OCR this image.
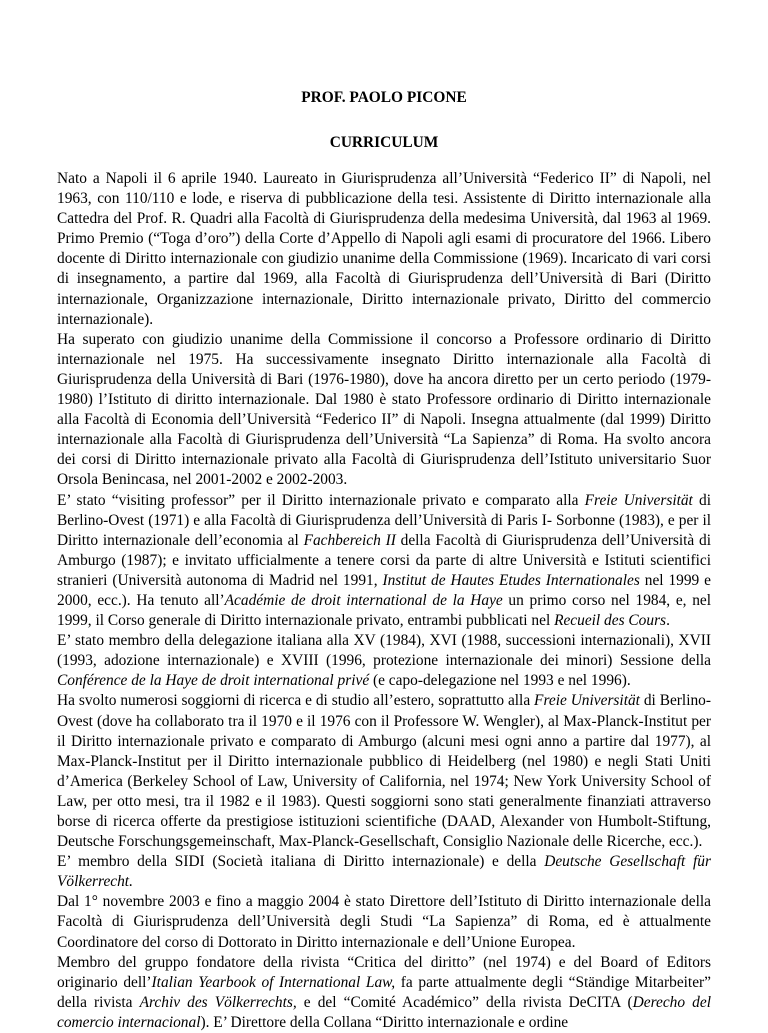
PROF. PAOLO PICONE
CURRICULUM

Nato a Napoli il 6 aprile 1940. Laureato in Giurisprudenza all’Università “Federico II” di Napoli, nel 1963, con 110/110 e lode, e riserva di pubblicazione della tesi. Assistente di Diritto internazionale alla Cattedra del Prof. R. Quadri alla Facoltà di Giurisprudenza della medesima Università, dal 1963 al 1969. Primo Premio (“Toga d’oro”) della Corte d’Appello di Napoli agli esami di procuratore del 1966. Libero docente di Diritto internazionale con giudizio unanime della Commissione (1969). Incaricato di vari corsi di insegnamento, a partire dal 1969, alla Facoltà di Giurisprudenza dell’Università di Bari (Diritto internazionale, Organizzazione internazionale, Diritto internazionale privato, Diritto del commercio internazionale).

Ha superato con giudizio unanime della Commissione il concorso a Professore ordinario di Diritto internazionale nel 1975. Ha successivamente insegnato Diritto internazionale alla Facoltà di Giurisprudenza della Università di Bari (1976-1980), dove ha ancora diretto per un certo periodo (1979-1980) l’Istituto di diritto internazionale. Dal 1980 è stato Professore ordinario di Diritto internazionale alla Facoltà di Economia dell’Università “Federico II” di Napoli. Insegna attualmente (dal 1999) Diritto internazionale alla Facoltà di Giurisprudenza dell’Università “La Sapienza” di Roma. Ha svolto ancora dei corsi di Diritto internazionale privato alla Facoltà di Giurisprudenza dell’Istituto universitario Suor Orsola Benincasa, nel 2001-2002 e 2002-2003.

E’ stato “visiting professor” per il Diritto internazionale privato e comparato alla Freie Universität di Berlino-Ovest (1971) e alla Facoltà di Giurisprudenza dell’Università di Paris I- Sorbonne (1983), e per il Diritto internazionale dell’economia al Fachbereich II della Facoltà di Giurisprudenza dell’Università di Amburgo (1987); e invitato ufficialmente a tenere corsi da parte di altre Università e Istituti scientifici stranieri (Università autonoma di Madrid nel 1991, Institut de Hautes Etudes Internationales nel 1999 e 2000, ecc.). Ha tenuto all’Académie de droit international de la Haye un primo corso nel 1984, e, nel 1999, il Corso generale di Diritto internazionale privato, entrambi pubblicati nel Recueil des Cours.

E’ stato membro della delegazione italiana alla XV (1984), XVI (1988, successioni internazionali), XVII (1993, adozione internazionale) e XVIII (1996, protezione internazionale dei minori) Sessione della Conférence de la Haye de droit international privé (e capo-delegazione nel 1993 e nel 1996).

Ha svolto numerosi soggiorni di ricerca e di studio all’estero, soprattutto alla Freie Universität di Berlino-Ovest (dove ha collaborato tra il 1970 e il 1976 con il Professore W. Wengler), al Max-Planck-Institut per il Diritto internazionale privato e comparato di Amburgo (alcuni mesi ogni anno a partire dal 1977), al Max-Planck-Institut per il Diritto internazionale pubblico di Heidelberg (nel 1980) e negli Stati Uniti d’America (Berkeley School of Law, University of California, nel 1974; New York University School of Law, per otto mesi, tra il 1982 e il 1983). Questi soggiorni sono stati generalmente finanziati attraverso borse di ricerca offerte da prestigiose istituzioni scientifiche (DAAD, Alexander von Humbolt-Stiftung, Deutsche Forschungsgemeinschaft, Max-Planck-Gesellschaft, Consiglio Nazionale delle Ricerche, ecc.).

E’ membro della SIDI (Società italiana di Diritto internazionale) e della Deutsche Gesellschaft für Völkerrecht.

Dal 1° novembre 2003 e fino a maggio 2004 è stato Direttore dell’Istituto di Diritto internazionale della Facoltà di Giurisprudenza dell’Università degli Studi “La Sapienza” di Roma, ed è attualmente Coordinatore del corso di Dottorato in Diritto internazionale e dell’Unione Europea.

Membro del gruppo fondatore della rivista “Critica del diritto” (nel 1974) e del Board of Editors originario dell’Italian Yearbook of International Law, fa parte attualmente degli “Ständige Mitarbeiter” della rivista Archiv des Völkerrechts, e del “Comité Académico” della rivista DeCITA (Derecho del comercio internacional). E’ Direttore della Collana “Diritto internazionale e ordine
